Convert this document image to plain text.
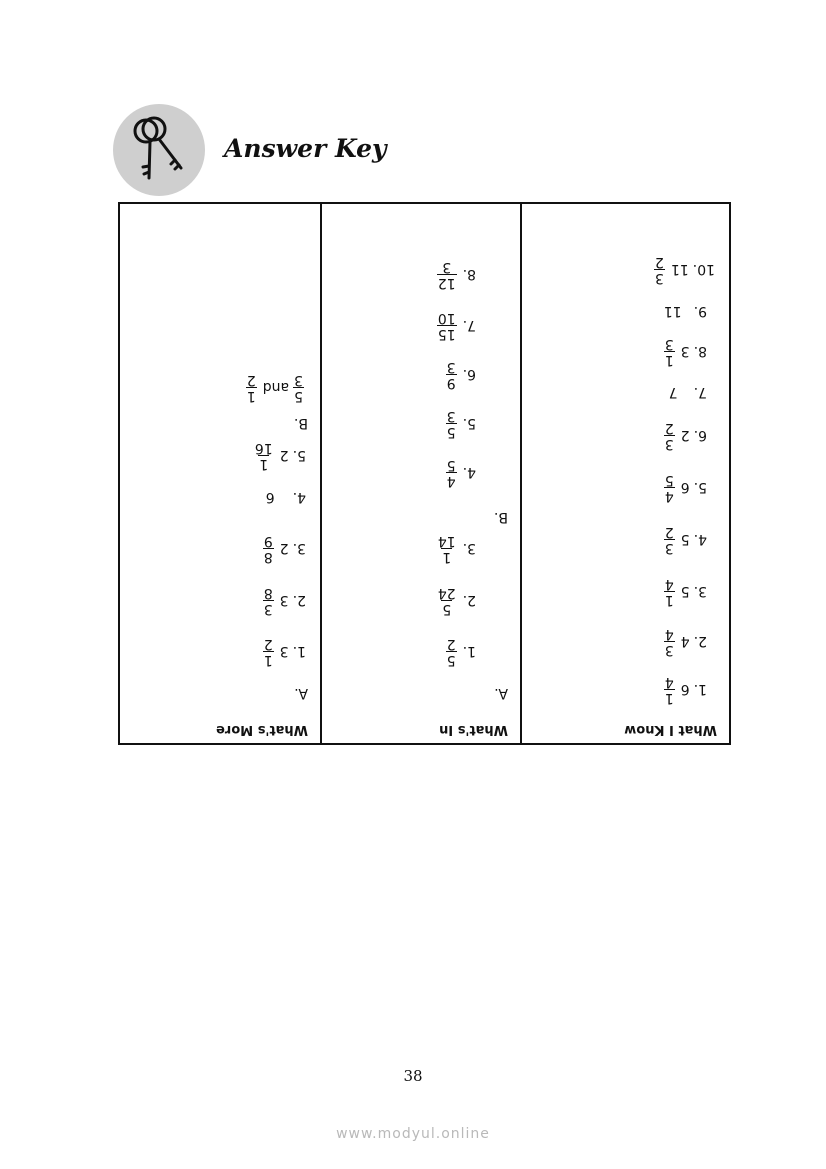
Answer Key
What's More
A.
1.
3
1
2
2.
3
3
8
3.
2
8
9
4.
6
5.
2
1
16
B.
5
3
and
1
2
What's In
A.
1.
5
2
2.
5
24
3.
1
14
B.
4.
4
5
5.
5
3
6.
9
3
7.
15
10
8.
12
3
What I Know
1.
6
1
4
2.
4
3
4
3.
5
1
4
4.
5
3
2
5.
6
4
5
6.
2
3
2
7.
7
8.
3
1
3
9.
11
10.
11
3
2
38
www.modyul.online
